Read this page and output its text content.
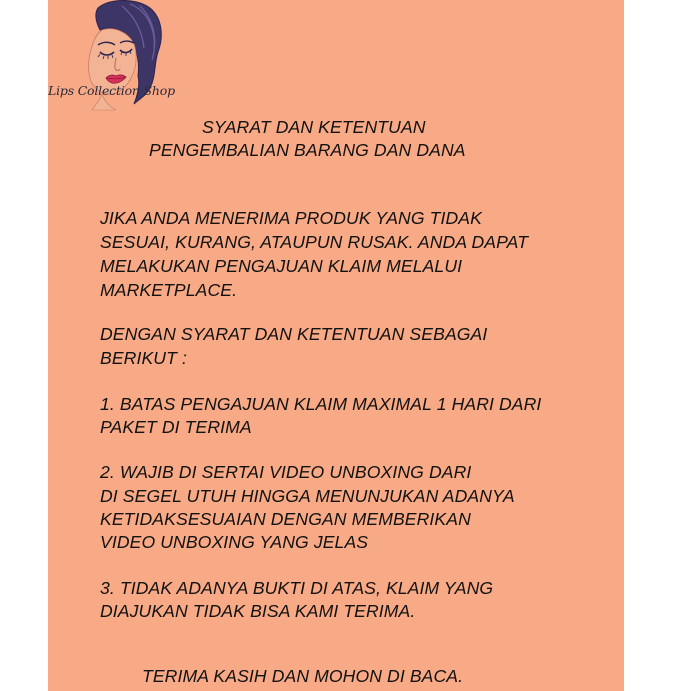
Lips Collection Shop
SYARAT DAN KETENTUAN
PENGEMBALIAN BARANG DAN DANA
JIKA ANDA MENERIMA PRODUK YANG TIDAK
SESUAI, KURANG, ATAUPUN RUSAK. ANDA DAPAT
MELAKUKAN PENGAJUAN KLAIM MELALUI
MARKETPLACE.
DENGAN SYARAT DAN KETENTUAN SEBAGAI
BERIKUT :
1. BATAS PENGAJUAN KLAIM MAXIMAL 1 HARI DARI
PAKET DI TERIMA
2. WAJIB DI SERTAI VIDEO UNBOXING DARI
DI SEGEL UTUH HINGGA MENUNJUKAN ADANYA
KETIDAKSESUAIAN DENGAN MEMBERIKAN
VIDEO UNBOXING YANG JELAS
3. TIDAK ADANYA BUKTI DI ATAS, KLAIM YANG
DIAJUKAN TIDAK BISA KAMI TERIMA.
TERIMA KASIH DAN MOHON DI BACA.
